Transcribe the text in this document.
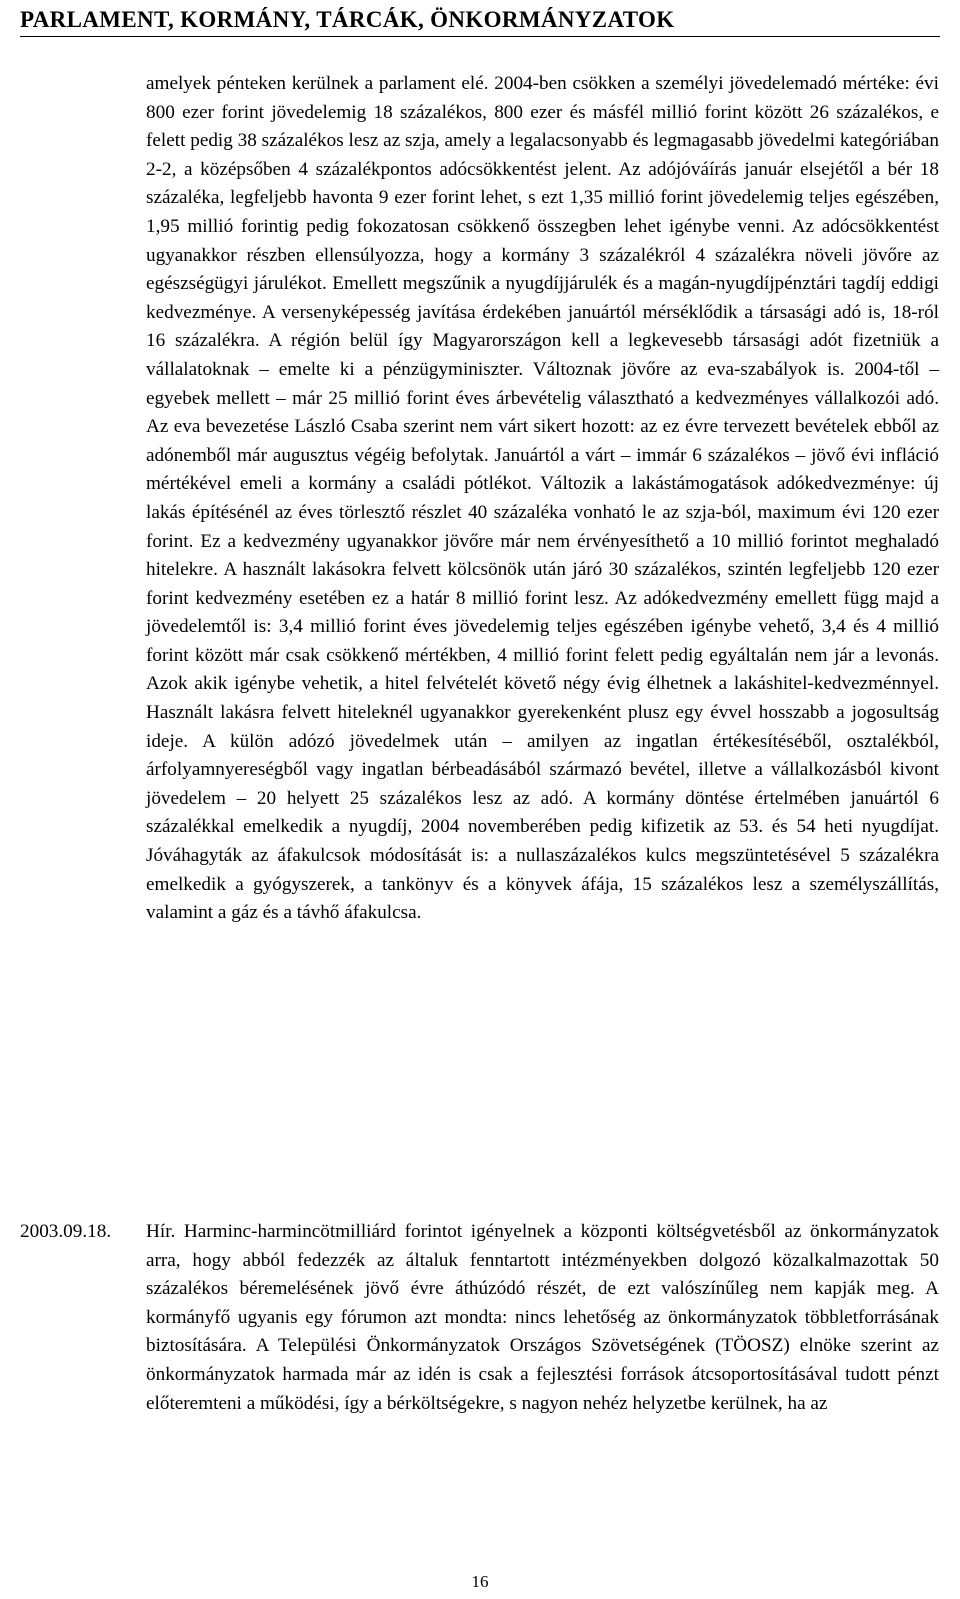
PARLAMENT, KORMÁNY, TÁRCÁK, ÖNKORMÁNYZATOK
amelyek pénteken kerülnek a parlament elé. 2004-ben csökken a személyi jövedelemadó mértéke: évi 800 ezer forint jövedelemig 18 százalékos, 800 ezer és másfél millió forint között 26 százalékos, e felett pedig 38 százalékos lesz az szja, amely a legalacsonyabb és legmagasabb jövedelmi kategóriában 2-2, a középsőben 4 százalékpontos adócsökkentést jelent. Az adójóváírás január elsejétől a bér 18 százaléka, legfeljebb havonta 9 ezer forint lehet, s ezt 1,35 millió forint jövedelemig teljes egészében, 1,95 millió forintig pedig fokozatosan csökkenő összegben lehet igénybe venni. Az adócsökkentést ugyanakkor részben ellensúlyozza, hogy a kormány 3 százalékról 4 százalékra növeli jövőre az egészségügyi járulékot. Emellett megszűnik a nyugdíjjárulék és a magán-nyugdíjpénztári tagdíj eddigi kedvezménye. A versenyképesség javítása érdekében januártól mérséklődik a társasági adó is, 18-ról 16 százalékra. A régión belül így Magyarországon kell a legkevesebb társasági adót fizetniük a vállalatoknak – emelte ki a pénzügyminiszter. Változnak jövőre az eva-szabályok is. 2004-től – egyebek mellett – már 25 millió forint éves árbevételig választható a kedvezményes vállalkozói adó. Az eva bevezetése László Csaba szerint nem várt sikert hozott: az ez évre tervezett bevételek ebből az adónemből már augusztus végéig befolytak. Januártól a várt – immár 6 százalékos – jövő évi infláció mértékével emeli a kormány a családi pótlékot. Változik a lakástámogatások adókedvezménye: új lakás építésénél az éves törlesztő részlet 40 százaléka vonható le az szja-ból, maximum évi 120 ezer forint. Ez a kedvezmény ugyanakkor jövőre már nem érvényesíthető a 10 millió forintot meghaladó hitelekre. A használt lakásokra felvett kölcsönök után járó 30 százalékos, szintén legfeljebb 120 ezer forint kedvezmény esetében ez a határ 8 millió forint lesz. Az adókedvezmény emellett függ majd a jövedelemtől is: 3,4 millió forint éves jövedelemig teljes egészében igénybe vehető, 3,4 és 4 millió forint között már csak csökkenő mértékben, 4 millió forint felett pedig egyáltalán nem jár a levonás. Azok akik igénybe vehetik, a hitel felvételét követő négy évig élhetnek a lakáshitel-kedvezménnyel. Használt lakásra felvett hiteleknél ugyanakkor gyerekenként plusz egy évvel hosszabb a jogosultság ideje. A külön adózó jövedelmek után – amilyen az ingatlan értékesítéséből, osztalékból, árfolyamnyereségből vagy ingatlan bérbeadásából származó bevétel, illetve a vállalkozásból kivont jövedelem – 20 helyett 25 százalékos lesz az adó. A kormány döntése értelmében januártól 6 százalékkal emelkedik a nyugdíj, 2004 novemberében pedig kifizetik az 53. és 54 heti nyugdíjat. Jóváhagyták az áfakulcsok módosítását is: a nullaszázalékos kulcs megszüntetésével 5 százalékra emelkedik a gyógyszerek, a tankönyv és a könyvek áfája, 15 százalékos lesz a személyszállítás, valamint a gáz és a távhő áfakulcsa.
2003.09.18.	Hír. Harminc-harmincötmilliárd forintot igényelnek a központi költségvetésből az önkormányzatok arra, hogy abból fedezzék az általuk fenntartott intézményekben dolgozó közalkalmazottak 50 százalékos béremelésének jövő évre áthúzódó részét, de ezt valószínűleg nem kapják meg. A kormányfő ugyanis egy fórumon azt mondta: nincs lehetőség az önkormányzatok többletforrásának biztosítására. A Települési Önkormányzatok Országos Szövetségének (TÖOSZ) elnöke szerint az önkormányzatok harmada már az idén is csak a fejlesztési források átcsoportosításával tudott pénzt előteremteni a működési, így a bérköltségekre, s nagyon nehéz helyzetbe kerülnek, ha az
16
